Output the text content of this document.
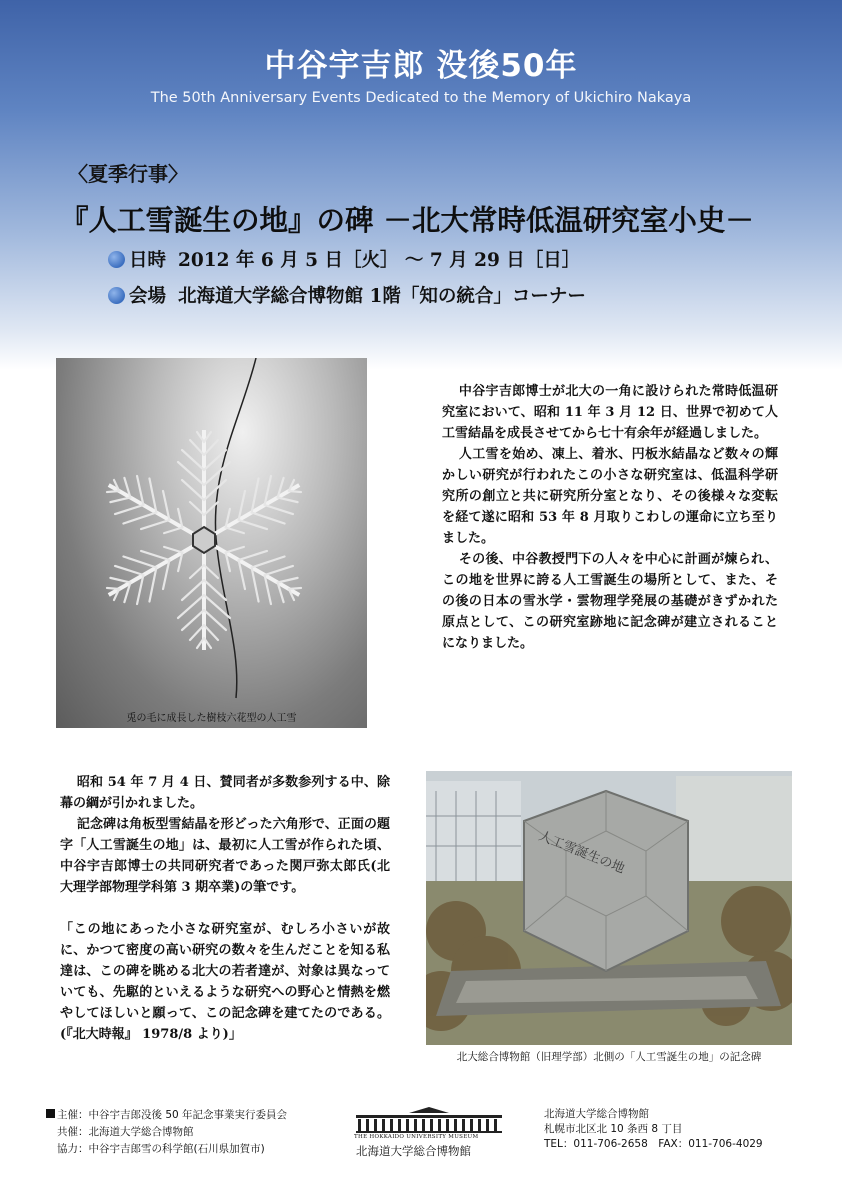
中谷宇吉郎 没後50年
The 50th Anniversary Events Dedicated to the Memory of Ukichiro Nakaya
〈夏季行事〉
『人工雪誕生の地』の碑 －北大常時低温研究室小史－
日時 2012 年 6 月 5 日［火］ ～ 7 月 29 日［日］
会場 北海道大学総合博物館 1階「知の統合」コーナー
兎の毛に成長した樹枝六花型の人工雪

中谷宇吉郎博士が北大の一角に設けられた常時低温研究室において、昭和 11 年 3 月 12 日、世界で初めて人工雪結晶を成長させてから七十有余年が経過しました。

人工雪を始め、凍上、着氷、円板氷結晶など数々の輝かしい研究が行われたこの小さな研究室は、低温科学研究所の創立と共に研究所分室となり、その後様々な変転を経て遂に昭和 53 年 8 月取りこわしの運命に立ち至りました。

その後、中谷教授門下の人々を中心に計画が煉られ、この地を世界に誇る人工雪誕生の場所として、また、その後の日本の雪氷学・雲物理学発展の基礎がきずかれた原点として、この研究室跡地に記念碑が建立されることになりました。

昭和 54 年 7 月 4 日、賛同者が多数参列する中、除幕の綱が引かれました。

記念碑は角板型雪結晶を形どった六角形で、正面の題字「人工雪誕生の地」は、最初に人工雪が作られた頃、中谷宇吉郎博士の共同研究者であった関戸弥太郎氏(北大理学部物理学科第 3 期卒業)の筆です。

「この地にあった小さな研究室が、むしろ小さいが故に、かつて密度の高い研究の数々を生んだことを知る私達は、この碑を眺める北大の若者達が、対象は異なっていても、先駆的といえるような研究への野心と情熱を燃やしてほしいと願って、この記念碑を建てたのである。(『北大時報』 1978/8 より)」

人工雪誕生の地
北大総合博物館（旧理学部）北側の「人工雪誕生の地」の記念碑
主催：中谷宇吉郎没後 50 年記念事業実行委員会
共催：北海道大学総合博物館
協力：中谷宇吉郎雪の科学館(石川県加賀市)
THE HOKKAIDO UNIVERSITY MUSEUM
北海道大学総合博物館
北海道大学総合博物館
札幌市北区北 10 条西 8 丁目
TEL：011-706-2658　FAX：011-706-4029
